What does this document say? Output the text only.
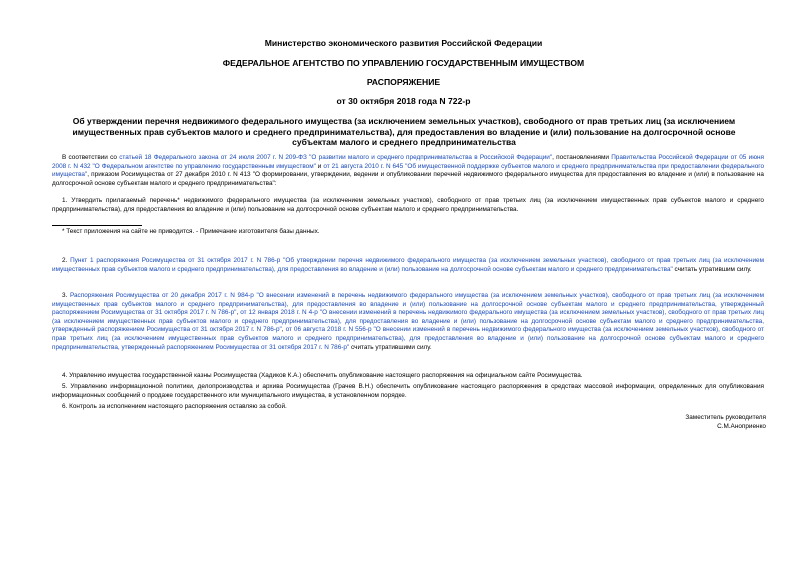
Министерство экономического развития Российской Федерации
ФЕДЕРАЛЬНОЕ АГЕНТСТВО ПО УПРАВЛЕНИЮ ГОСУДАРСТВЕННЫМ ИМУЩЕСТВОМ
РАСПОРЯЖЕНИЕ
от 30 октября 2018 года N 722-р
Об утверждении перечня недвижимого федерального имущества (за исключением земельных участков), свободного от прав третьих лиц (за исключением имущественных прав субъектов малого и среднего предпринимательства), для предоставления во владение и (или) пользование на долгосрочной основе субъектам малого и среднего предпринимательства
В соответствии со статьей 18 Федерального закона от 24 июля 2007 г. N 209-ФЗ "О развитии малого и среднего предпринимательства в Российской Федерации", постановлениями Правительства Российской Федерации от 05 июня 2008 г. N 432 "О Федеральном агентстве по управлению государственным имуществом" и от 21 августа 2010 г. N 645 "Об имущественной поддержке субъектов малого и среднего предпринимательства при предоставлении федерального имущества", приказом Росимущества от 27 декабря 2010 г. N 413 "О формировании, утверждении, ведении и опубликовании перечней недвижимого федерального имущества для предоставления во владение и (или) в пользование на долгосрочной основе субъектам малого и среднего предпринимательства":
1. Утвердить прилагаемый перечень* недвижимого федерального имущества (за исключением земельных участков), свободного от прав третьих лиц (за исключением имущественных прав субъектов малого и среднего предпринимательства), для предоставления во владение и (или) пользование на долгосрочной основе субъектам малого и среднего предпринимательства.
* Текст приложения на сайте не приводится. - Примечание изготовителя базы данных.
2. Пункт 1 распоряжения Росимущества от 31 октября 2017 г. N 786-р "Об утверждении перечня недвижимого федерального имущества (за исключением земельных участков), свободного от прав третьих лиц (за исключением имущественных прав субъектов малого и среднего предпринимательства), для предоставления во владение и (или) пользование на долгосрочной основе субъектам малого и среднего предпринимательства" считать утратившим силу.
3. Распоряжения Росимущества от 20 декабря 2017 г. N 984-р "О внесении изменений в перечень недвижимого федерального имущества (за исключением земельных участков), свободного от прав третьих лиц (за исключением имущественных прав субъектов малого и среднего предпринимательства), для предоставления во владение и (или) пользование на долгосрочной основе субъектам малого и среднего предпринимательства, утвержденный распоряжением Росимущества от 31 октября 2017 г. N 786-р", от 12 января 2018 г. N 4-р "О внесении изменений в перечень недвижимого федерального имущества (за исключением земельных участков), свободного от прав третьих лиц (за исключением имущественных прав субъектов малого и среднего предпринимательства), для предоставления во владение и (или) пользование на долгосрочной основе субъектам малого и среднего предпринимательства, утвержденный распоряжением Росимущества от 31 октября 2017 г. N 786-р", от 06 августа 2018 г. N 556-р "О внесении изменений в перечень недвижимого федерального имущества (за исключением земельных участков), свободного от прав третьих лиц (за исключением имущественных прав субъектов малого и среднего предпринимательства), для предоставления во владение и (или) пользование на долгосрочной основе субъектам малого и среднего предпринимательства, утвержденный распоряжением Росимущества от 31 октября 2017 г. N 786-р" считать утратившими силу.
4. Управлению имущества государственной казны Росимущества (Хадиков К.А.) обеспечить опубликование настоящего распоряжения на официальном сайте Росимущества.
5. Управлению информационной политики, делопроизводства и архива Росимущества (Грачев В.Н.) обеспечить опубликование настоящего распоряжения в средствах массовой информации, определенных для опубликования информационных сообщений о продаже государственного или муниципального имущества, в установленном порядке.
6. Контроль за исполнением настоящего распоряжения оставляю за собой.
Заместитель руководителя
С.М.Аноприенко
